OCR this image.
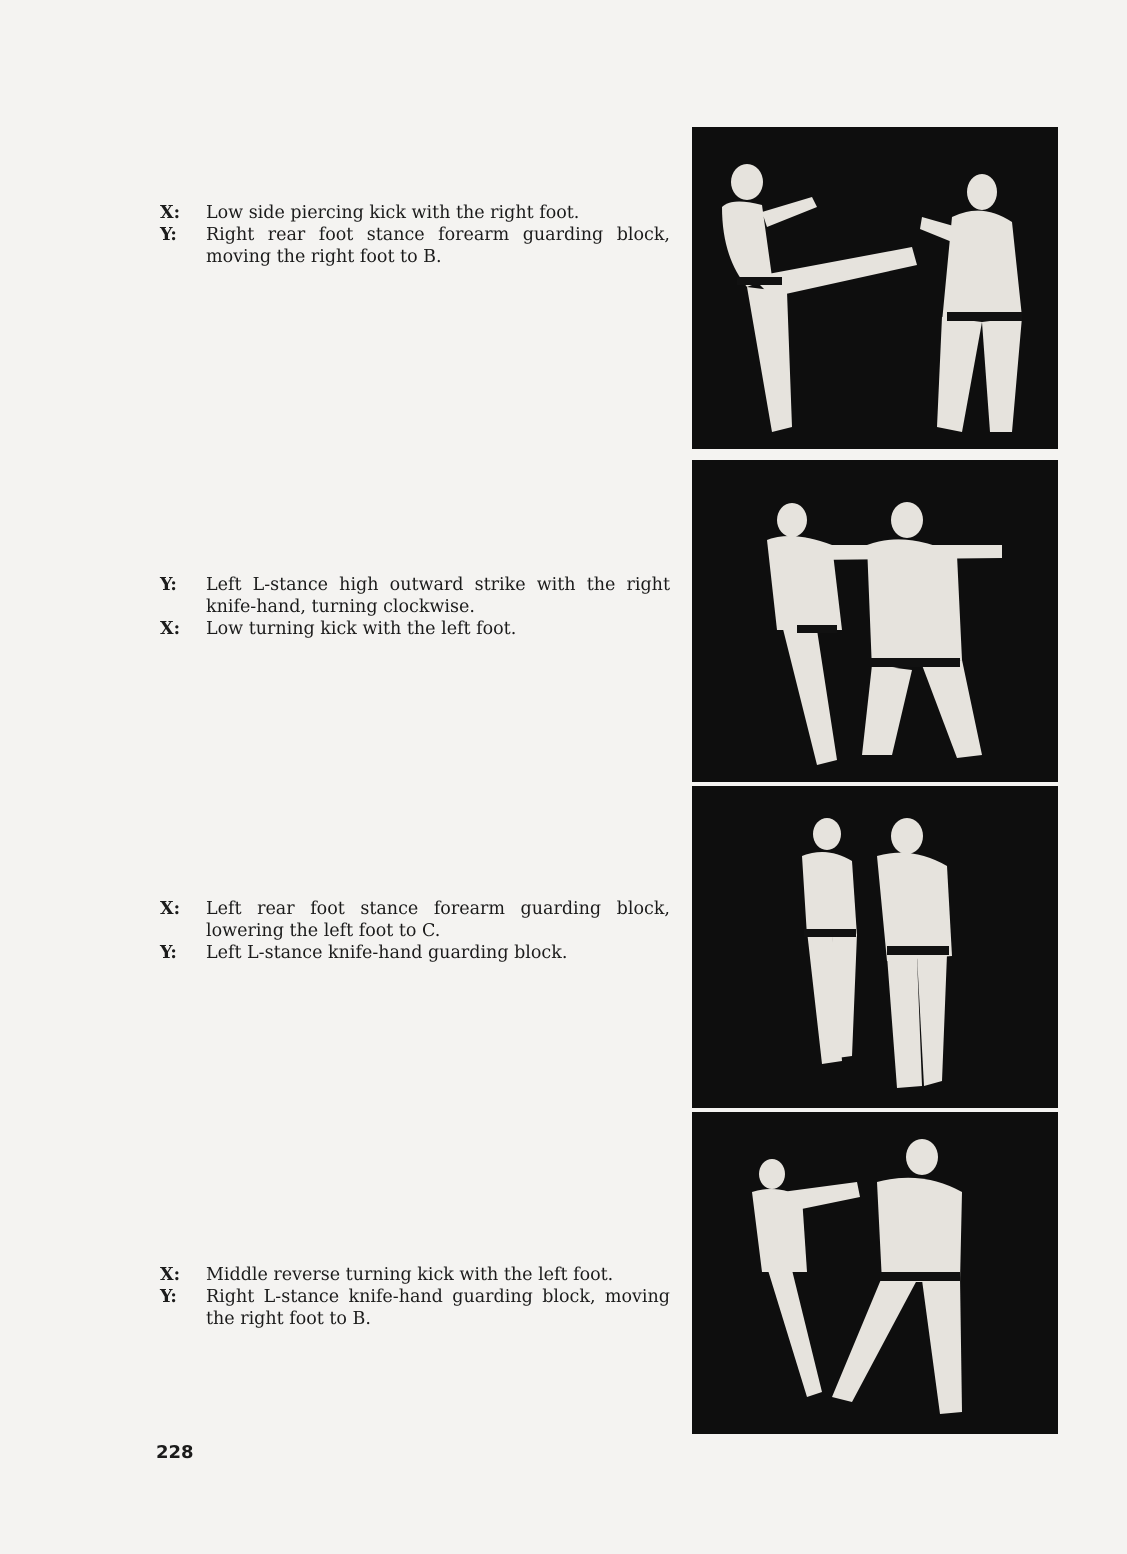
X:	Low side piercing kick with the right foot.
Y:	Right rear foot stance forearm guarding block, moving the right foot to B.
Y:	Left L-stance high outward strike with the right knife-hand, turning clockwise.
X:	Low turning kick with the left foot.
X:	Left rear foot stance forearm guarding block, lowering the left foot to C.
Y:	Left L-stance knife-hand guarding block.
X:	Middle reverse turning kick with the left foot.
Y:	Right L-stance knife-hand guarding block, moving the right foot to B.
228
